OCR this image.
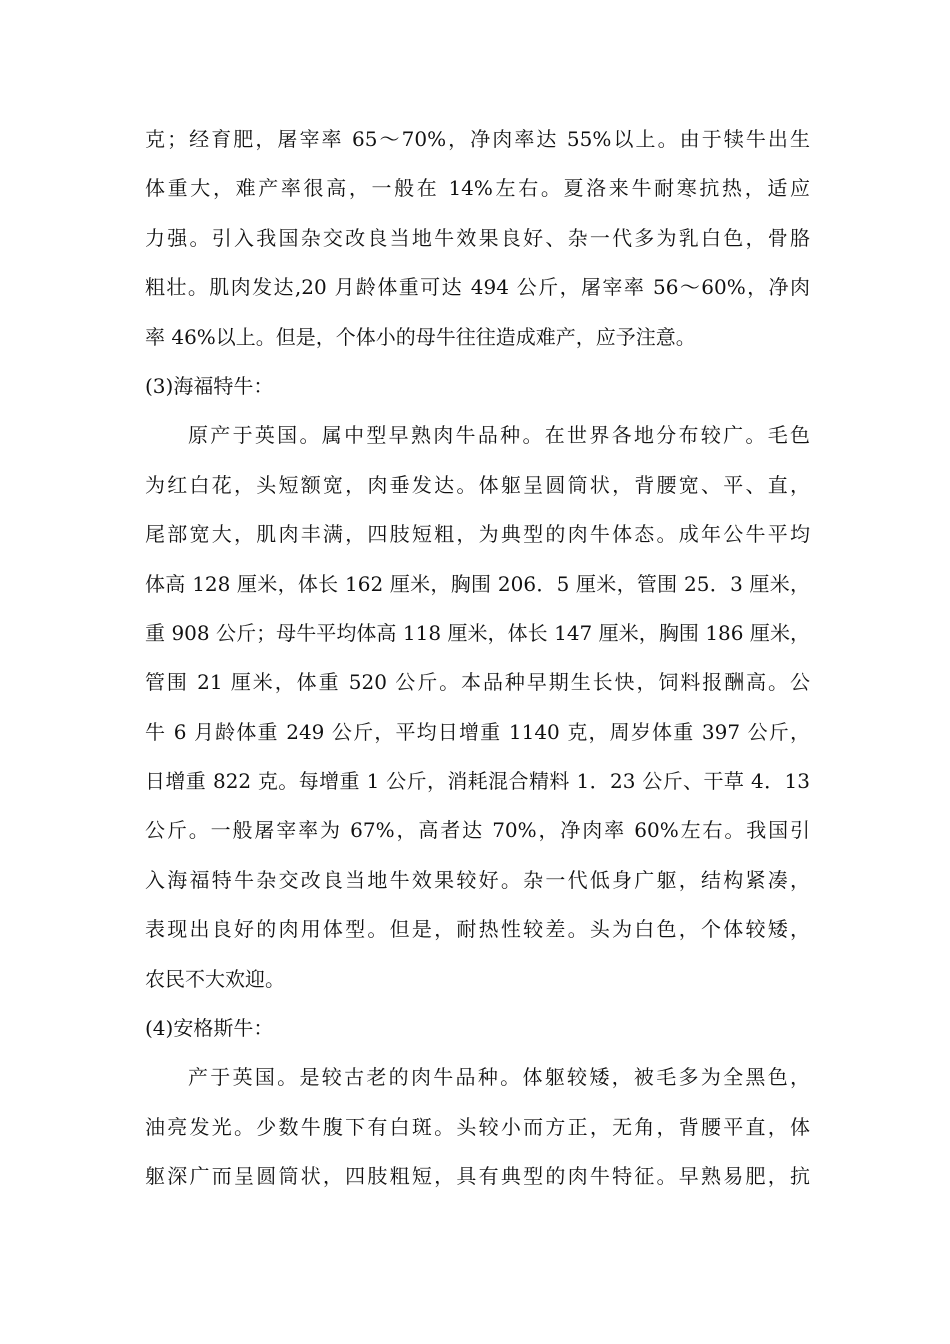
克；经育肥，屠宰率 65～70%，净肉率达 55%以上。由于犊牛出生

体重大，难产率很高，一般在 14%左右。夏洛来牛耐寒抗热，适应

力强。引入我国杂交改良当地牛效果良好、杂一代多为乳白色，骨胳

粗壮。肌肉发达,20 月龄体重可达 494 公斤，屠宰率 56～60%，净肉

率 46%以上。但是，个体小的母牛往往造成难产，应予注意。

(3)海福特牛：

原产于英国。属中型早熟肉牛品种。在世界各地分布较广。毛色

为红白花，头短额宽，肉垂发达。体躯呈圆筒状，背腰宽、平、直，

尾部宽大，肌肉丰满，四肢短粗，为典型的肉牛体态。成年公牛平均

体高 128 厘米，体长 162 厘米，胸围 206．5 厘米，管围 25．3 厘米，

重 908 公斤；母牛平均体高 118 厘米，体长 147 厘米，胸围 186 厘米，

管围 21 厘米，体重 520 公斤。本品种早期生长快，饲料报酬高。公

牛 6 月龄体重 249 公斤，平均日增重 1140 克，周岁体重 397 公斤，

日增重 822 克。每增重 1 公斤，消耗混合精料 1．23 公斤、干草 4．13

公斤。一般屠宰率为 67%，高者达 70%，净肉率 60%左右。我国引

入海福特牛杂交改良当地牛效果较好。杂一代低身广躯，结构紧凑，

表现出良好的肉用体型。但是，耐热性较差。头为白色，个体较矮，

农民不大欢迎。

(4)安格斯牛：

产于英国。是较古老的肉牛品种。体躯较矮，被毛多为全黑色，

油亮发光。少数牛腹下有白斑。头较小而方正，无角，背腰平直，体

躯深广而呈圆筒状，四肢粗短，具有典型的肉牛特征。早熟易肥，抗
